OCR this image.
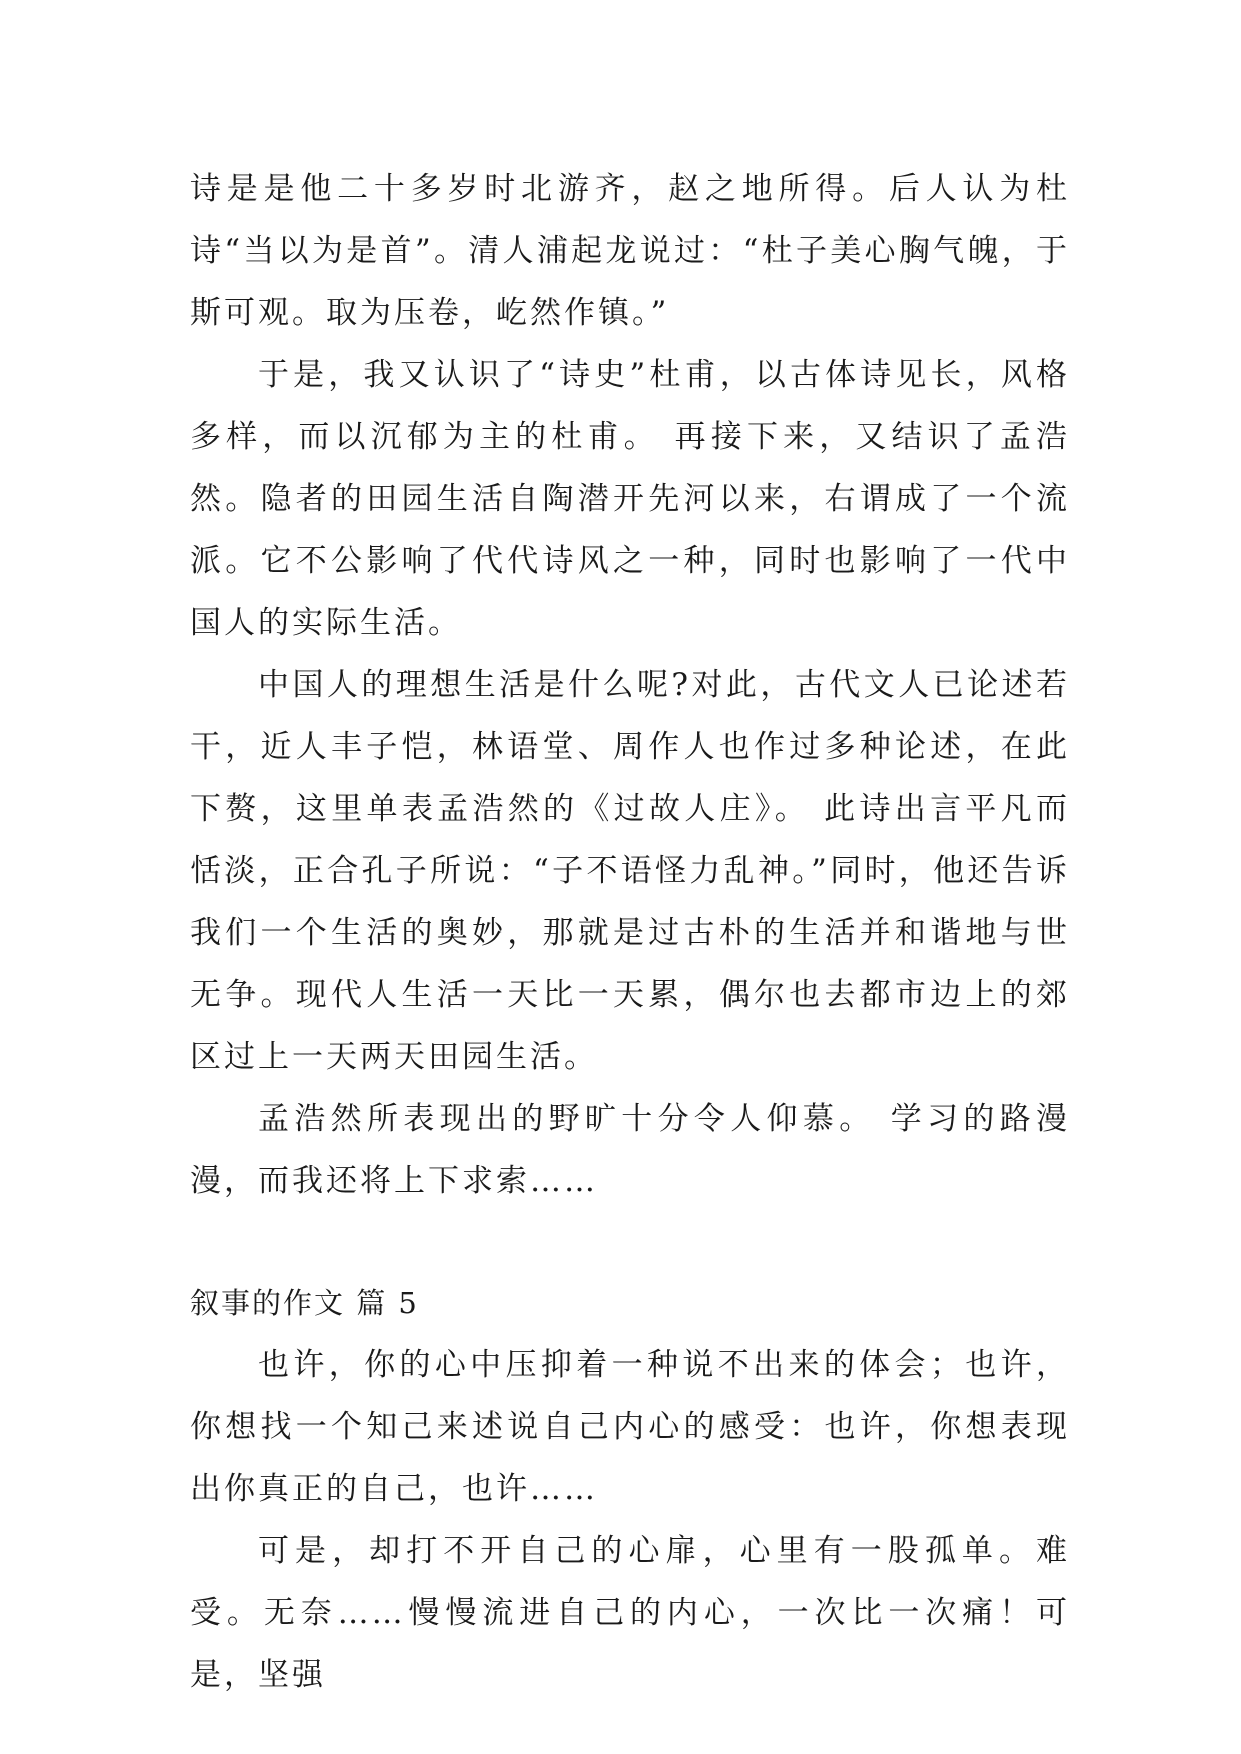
诗是是他二十多岁时北游齐，赵之地所得。后人认为杜诗“当以为是首”。清人浦起龙说过：“杜子美心胸气魄，于斯可观。取为压卷，屹然作镇。”

于是，我又认识了“诗史”杜甫，以古体诗见长，风格多样，而以沉郁为主的杜甫。 再接下来，又结识了孟浩然。隐者的田园生活自陶潜开先河以来，右谓成了一个流派。它不公影响了代代诗风之一种，同时也影响了一代中国人的实际生活。

中国人的理想生活是什么呢?对此，古代文人已论述若干，近人丰子恺，林语堂、周作人也作过多种论述，在此下赘，这里单表孟浩然的《过故人庄》。 此诗出言平凡而恬淡，正合孔子所说：“子不语怪力乱神。”同时，他还告诉我们一个生活的奥妙，那就是过古朴的生活并和谐地与世无争。现代人生活一天比一天累，偶尔也去都市边上的郊区过上一天两天田园生活。

孟浩然所表现出的野旷十分令人仰慕。 学习的路漫漫，而我还将上下求索……

叙事的作文 篇 5

也许，你的心中压抑着一种说不出来的体会；也许，你想找一个知己来述说自己内心的感受：也许，你想表现出你真正的自己，也许……

可是，却打不开自己的心扉，心里有一股孤单。难受。无奈……慢慢流进自己的内心，一次比一次痛！可是，坚强
